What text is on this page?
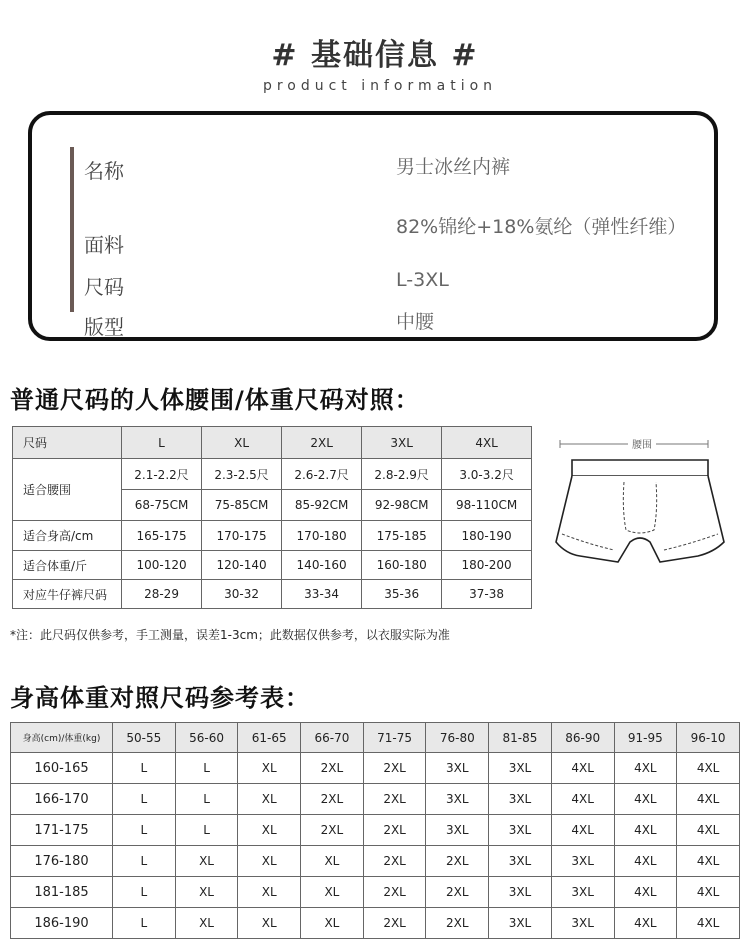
# 基础信息 #
product information
名称	男士冰丝内裤
面料
82%锦纶+18%氨纶（弹性纤维）
尺码	L-3XL
版型	中腰
普通尺码的人体腰围/体重尺码对照：
尺码	L	XL	2XL	3XL	4XL
适合腰围	2.1-2.2尺	2.3-2.5尺	2.6-2.7尺	2.8-2.9尺	3.0-3.2尺
	68-75CM	75-85CM	85-92CM	92-98CM	98-110CM
适合身高/cm	165-175	170-175	170-180	175-185	180-190
适合体重/斤	100-120	120-140	140-160	160-180	180-200
对应牛仔裤尺码	28-29	30-32	33-34	35-36	37-38
腰围
*注：此尺码仅供参考，手工测量，误差1-3cm；此数据仅供参考，以衣服实际为准
身高体重对照尺码参考表：
身高(cm)/体重(kg)	50-55	56-60	61-65	66-70	71-75	76-80	81-85	86-90	91-95	96-10
160-165	L	L	XL	2XL	2XL	3XL	3XL	4XL	4XL	4XL
166-170	L	L	XL	2XL	2XL	3XL	3XL	4XL	4XL	4XL
171-175	L	L	XL	2XL	2XL	3XL	3XL	4XL	4XL	4XL
176-180	L	XL	XL	XL	2XL	2XL	3XL	3XL	4XL	4XL
181-185	L	XL	XL	XL	2XL	2XL	3XL	3XL	4XL	4XL
186-190	L	XL	XL	XL	2XL	2XL	3XL	3XL	4XL	4XL
